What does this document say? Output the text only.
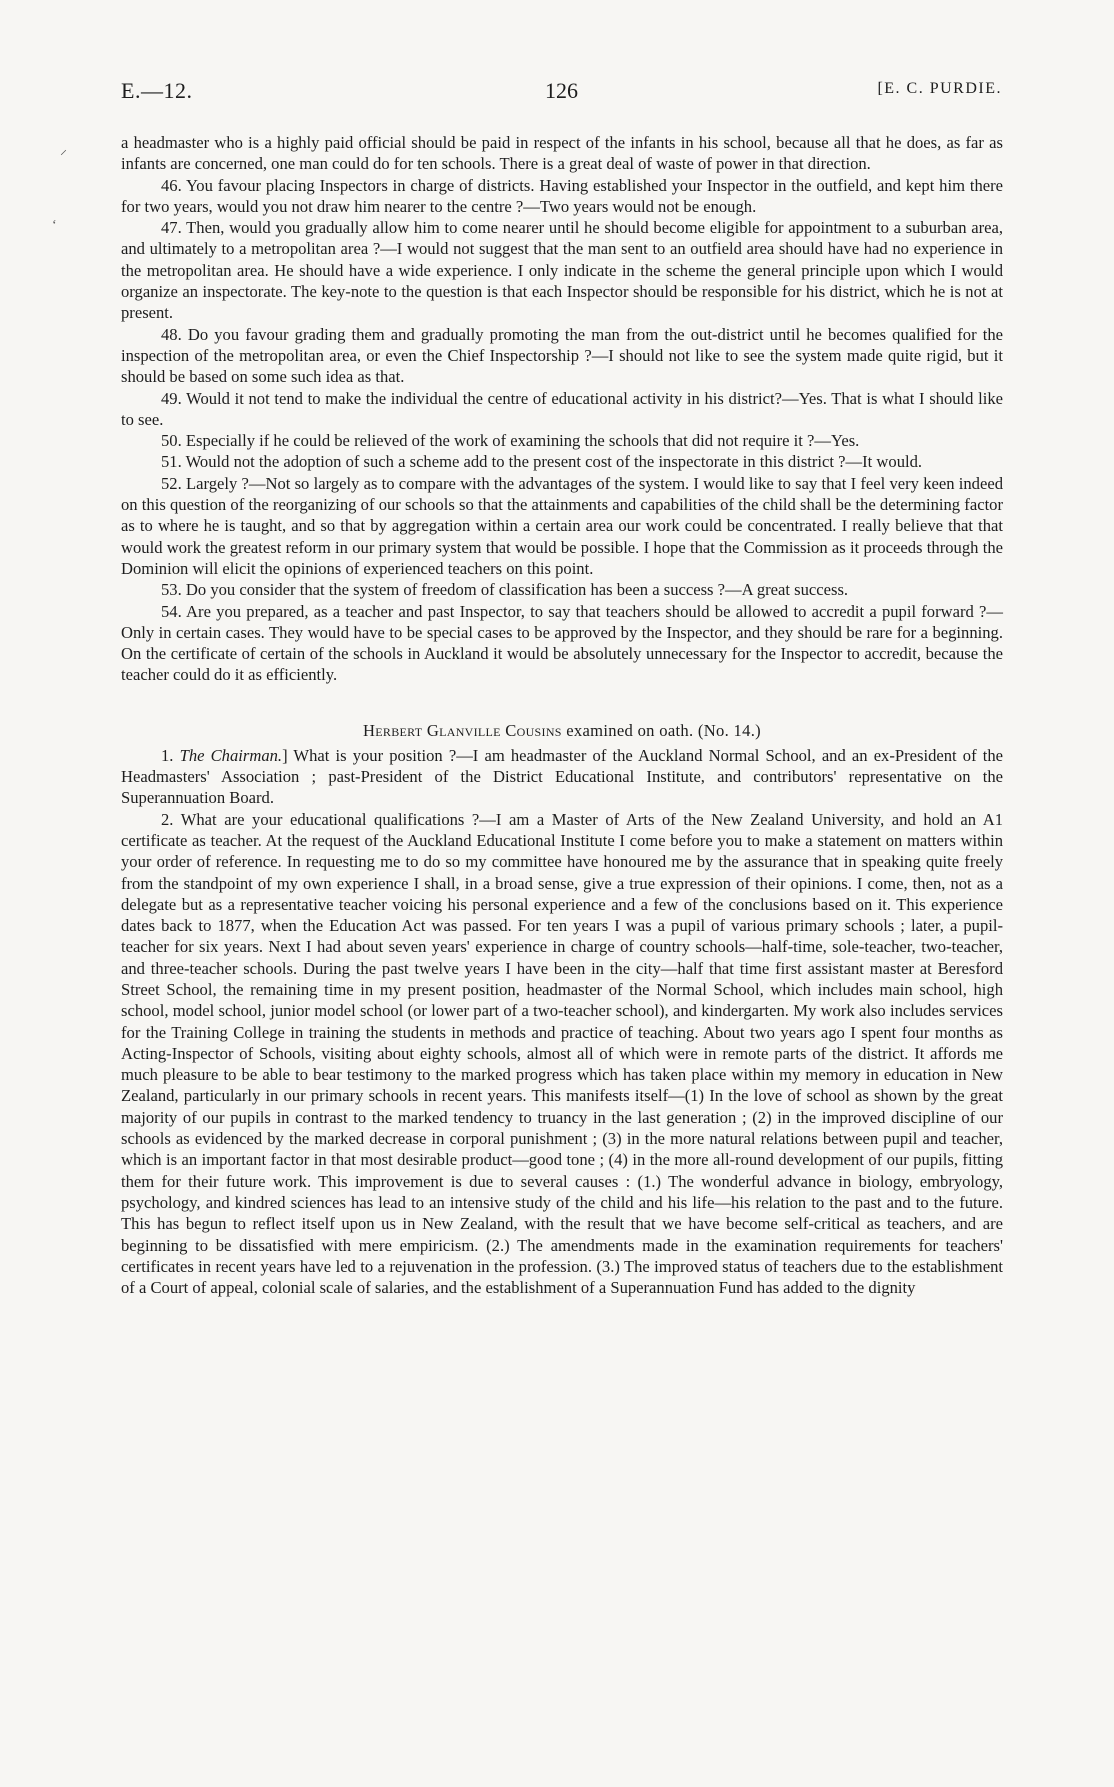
E.—12.	126	[E. C. PURDIE.
⸝
‘

a headmaster who is a highly paid official should be paid in respect of the infants in his school, because all that he does, as far as infants are concerned, one man could do for ten schools. There is a great deal of waste of power in that direction.

46. You favour placing Inspectors in charge of districts. Having established your Inspector in the outfield, and kept him there for two years, would you not draw him nearer to the centre ?—Two years would not be enough.

47. Then, would you gradually allow him to come nearer until he should become eligible for appointment to a suburban area, and ultimately to a metropolitan area ?—I would not suggest that the man sent to an outfield area should have had no experience in the metropolitan area. He should have a wide experience. I only indicate in the scheme the general principle upon which I would organize an inspectorate. The key-note to the question is that each Inspector should be responsible for his district, which he is not at present.

48. Do you favour grading them and gradually promoting the man from the out-district until he becomes qualified for the inspection of the metropolitan area, or even the Chief Inspectorship ?—I should not like to see the system made quite rigid, but it should be based on some such idea as that.

49. Would it not tend to make the individual the centre of educational activity in his district?—Yes. That is what I should like to see.

50. Especially if he could be relieved of the work of examining the schools that did not require it ?—Yes.

51. Would not the adoption of such a scheme add to the present cost of the inspectorate in this district ?—It would.

52. Largely ?—Not so largely as to compare with the advantages of the system. I would like to say that I feel very keen indeed on this question of the reorganizing of our schools so that the attainments and capabilities of the child shall be the determining factor as to where he is taught, and so that by aggregation within a certain area our work could be concentrated. I really believe that that would work the greatest reform in our primary system that would be possible. I hope that the Commission as it proceeds through the Dominion will elicit the opinions of experienced teachers on this point.

53. Do you consider that the system of freedom of classification has been a success ?—A great success.

54. Are you prepared, as a teacher and past Inspector, to say that teachers should be allowed to accredit a pupil forward ?—Only in certain cases. They would have to be special cases to be approved by the Inspector, and they should be rare for a beginning. On the certificate of certain of the schools in Auckland it would be absolutely unnecessary for the Inspector to accredit, because the teacher could do it as efficiently.

Herbert Glanville Cousins examined on oath. (No. 14.)

1. The Chairman.] What is your position ?—I am headmaster of the Auckland Normal School, and an ex-President of the Headmasters' Association ; past-President of the District Educational Institute, and contributors' representative on the Superannuation Board.

2. What are your educational qualifications ?—I am a Master of Arts of the New Zealand University, and hold an A1 certificate as teacher. At the request of the Auckland Educational Institute I come before you to make a statement on matters within your order of reference. In requesting me to do so my committee have honoured me by the assurance that in speaking quite freely from the standpoint of my own experience I shall, in a broad sense, give a true expression of their opinions. I come, then, not as a delegate but as a representative teacher voicing his personal experience and a few of the conclusions based on it. This experience dates back to 1877, when the Education Act was passed. For ten years I was a pupil of various primary schools ; later, a pupil-teacher for six years. Next I had about seven years' experience in charge of country schools—half-time, sole-teacher, two-teacher, and three-teacher schools. During the past twelve years I have been in the city—half that time first assistant master at Beresford Street School, the remaining time in my present position, headmaster of the Normal School, which includes main school, high school, model school, junior model school (or lower part of a two-teacher school), and kindergarten. My work also includes services for the Training College in training the students in methods and practice of teaching. About two years ago I spent four months as Acting-Inspector of Schools, visiting about eighty schools, almost all of which were in remote parts of the district. It affords me much pleasure to be able to bear testimony to the marked progress which has taken place within my memory in education in New Zealand, particularly in our primary schools in recent years. This manifests itself—(1) In the love of school as shown by the great majority of our pupils in contrast to the marked tendency to truancy in the last generation ; (2) in the improved discipline of our schools as evidenced by the marked decrease in corporal punishment ; (3) in the more natural relations between pupil and teacher, which is an important factor in that most desirable product—good tone ; (4) in the more all-round development of our pupils, fitting them for their future work. This improvement is due to several causes : (1.) The wonderful advance in biology, embryology, psychology, and kindred sciences has lead to an intensive study of the child and his life—his relation to the past and to the future. This has begun to reflect itself upon us in New Zealand, with the result that we have become self-critical as teachers, and are beginning to be dissatisfied with mere empiricism. (2.) The amendments made in the examination requirements for teachers' certificates in recent years have led to a rejuvenation in the profession. (3.) The improved status of teachers due to the establishment of a Court of appeal, colonial scale of salaries, and the establishment of a Superannuation Fund has added to the dignity
